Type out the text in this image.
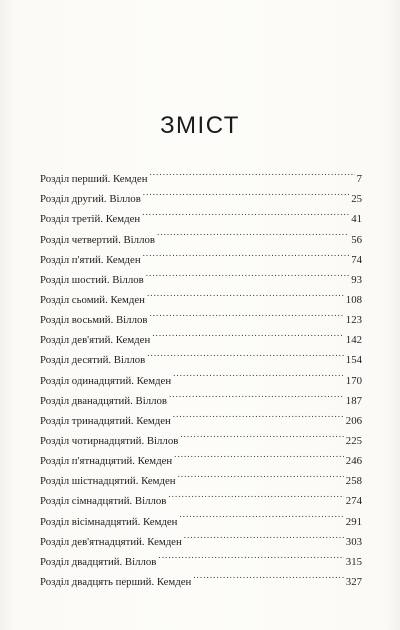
ЗМІСТ
Розділ перший. Кемден . . .	7
Розділ другий. Віллов . . .	25
Розділ третій. Кемден . . .	41
Розділ четвертий. Віллов . . .	56
Розділ п'ятий. Кемден . . .	74
Розділ шостий. Віллов . . .	93
Розділ сьомий. Кемден . . .	108
Розділ восьмий. Віллов . . .	123
Розділ дев'ятий. Кемден . . .	142
Розділ десятий. Віллов . . .	154
Розділ одинадцятий. Кемден . . .	170
Розділ дванадцятий. Віллов . . .	187
Розділ тринадцятий. Кемден . . .	206
Розділ чотирнадцятий. Віллов . . .	225
Розділ п'ятнадцятий. Кемден . . .	246
Розділ шістнадцятий. Кемден . . .	258
Розділ сімнадцятий. Віллов . . .	274
Розділ вісімнадцятий. Кемден . . .	291
Розділ дев'ятнадцятий. Кемден . . .	303
Розділ двадцятий. Віллов . . .	315
Розділ двадцять перший. Кемден . . .	327
